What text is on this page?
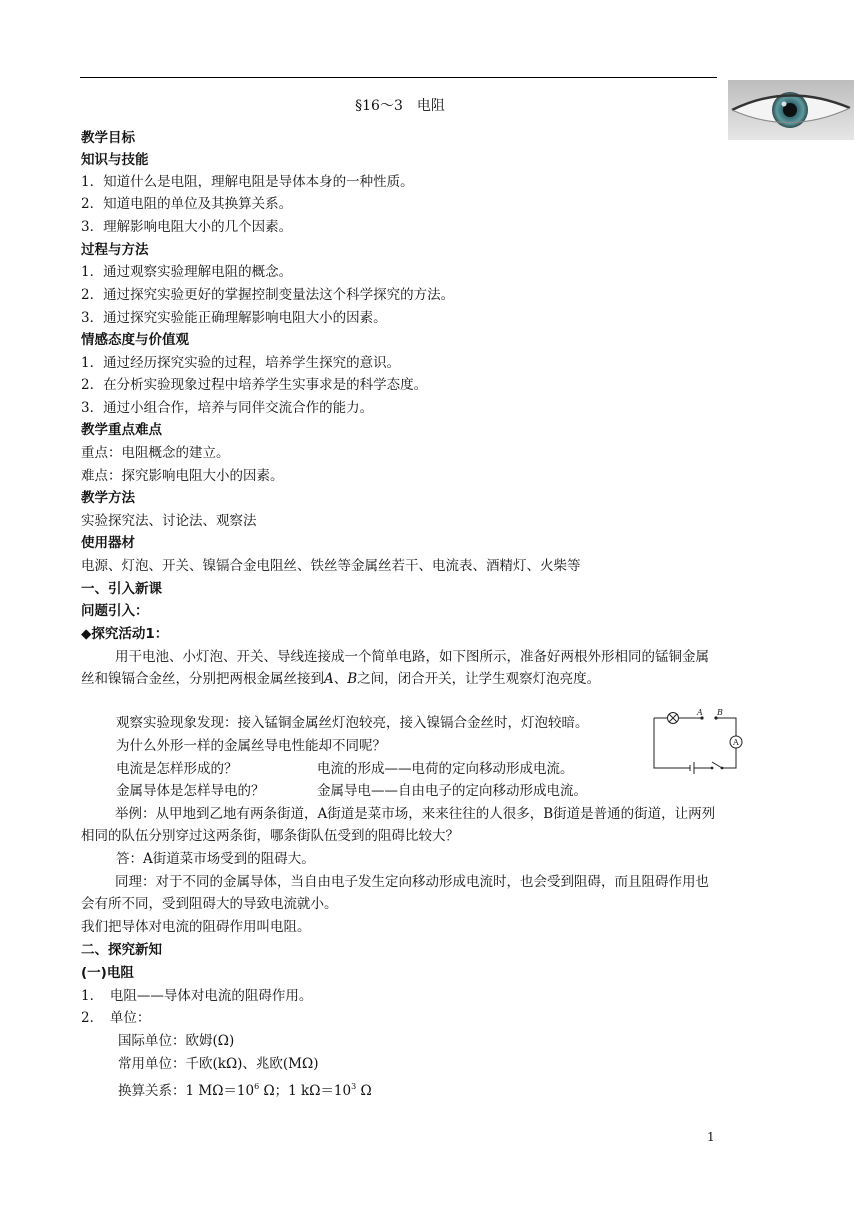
§16～3　电阻
教学目标
知识与技能
1．知道什么是电阻，理解电阻是导体本身的一种性质。
2．知道电阻的单位及其换算关系。
3．理解影响电阻大小的几个因素。
过程与方法
1．通过观察实验理解电阻的概念。
2．通过探究实验更好的掌握控制变量法这个科学探究的方法。
3．通过探究实验能正确理解影响电阻大小的因素。
情感态度与价值观
1．通过经历探究实验的过程，培养学生探究的意识。
2．在分析实验现象过程中培养学生实事求是的科学态度。
3．通过小组合作，培养与同伴交流合作的能力。
教学重点难点
重点：电阻概念的建立。
难点：探究影响电阻大小的因素。
教学方法
实验探究法、讨论法、观察法
使用器材
电源、灯泡、开关、镍镉合金电阻丝、铁丝等金属丝若干、电流表、酒精灯、火柴等
一、引入新课
问题引入：
◆探究活动1：
用干电池、小灯泡、开关、导线连接成一个简单电路，如下图所示，准备好两根外形相同的锰铜金属丝和镍镉合金丝，分别把两根金属丝接到A、B之间，闭合开关，让学生观察灯泡亮度。
观察实验现象发现：接入锰铜金属丝灯泡较亮，接入镍镉合金丝时，灯泡较暗。
为什么外形一样的金属丝导电性能却不同呢？
电流是怎样形成的？	电流的形成——电荷的定向移动形成电流。
金属导体是怎样导电的？	金属导电——自由电子的定向移动形成电流。
举例：从甲地到乙地有两条街道，A街道是菜市场，来来往往的人很多，B街道是普通的街道，让两列相同的队伍分别穿过这两条街，哪条街队伍受到的阻碍比较大？
答：A街道菜市场受到的阻碍大。
同理：对于不同的金属导体，当自由电子发生定向移动形成电流时，也会受到阻碍，而且阻碍作用也会有所不同，受到阻碍大的导致电流就小。
我们把导体对电流的阻碍作用叫电阻。
二、探究新知
(一)电阻
1．　电阻——导体对电流的阻碍作用。
2．　单位：
国际单位：欧姆(Ω)
常用单位：千欧(kΩ)、兆欧(MΩ)
换算关系：1 $M\Omega=10^6$ Ω；1 $k\Omega=10^3$ Ω
A B
A
1
